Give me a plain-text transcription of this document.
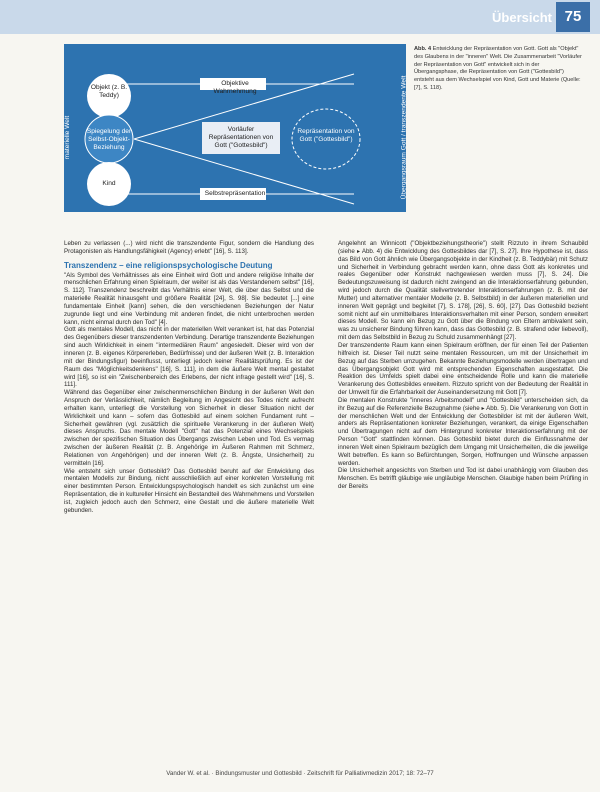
Übersicht 75
Objekt (z. B. Teddy)
Objektive Wahrnehmung
Spiegelung der Selbst-Objekt-Beziehung
Vorläufer Repräsentationen von Gott ("Gottesbild")
Repräsentation von Gott ("Gottesbild")
Kind
Selbstrepräsentation
materielle Welt	Übergangsraum Gott / transzendente Welt
Abb. 4 Entwicklung der Repräsentation von Gott. Gott als "Objekt" des Glaubens in der "inneren" Welt. Die Zusammenarbeit "Vorläufer der Repräsentation von Gott" entwickelt sich in der Übergangsphase, die Repräsentation von Gott ("Gottesbild") entsteht aus dem Wechselspiel von Kind, Gott und Materie (Quelle: [7], S. 118).

Leben zu verlassen (...) wird nicht die transzendente Figur, sondern die Handlung des Protagonisten als Handlungsfähigkeit (Agency) erlebt" [16], S. 113].

Transzendenz – eine religionspsychologische Deutung

"Als Symbol des Verhältnisses als eine Einheit wird Gott und andere religiöse Inhalte der menschlichen Erfahrung einen Spielraum, der weiter ist als das Verstandenem selbst" [16], S. 112]. Transzendenz beschreibt das Verhältnis einer Welt, die über das Selbst und die materielle Realität hinausgeht und größere Realität [24], S. 98]. Sie bedeutet [...] eine fundamentale Einheit [kann] sehen, die den verschiedenen Beziehungen der Natur zugrunde liegt und eine Verbindung mit anderen findet, die nicht unterbrochen werden kann, nicht einmal durch den Tod" [4].

Gott als mentales Modell, das nicht in der materiellen Welt verankert ist, hat das Potenzial des Gegenübers dieser transzendenten Verbindung. Derartige transzendente Beziehungen sind auch Wirklichkeit in einem "intermediären Raum" angesiedelt. Dieser wird von der inneren (z. B. eigenes Körpererleben, Bedürfnisse) und der äußeren Welt (z. B. Interaktion mit der Bindungsfigur) beeinflusst, unterliegt jedoch keiner Realitätsprüfung. Es ist der Raum des "Möglichkeitsdenkens" [16], S. 111], in dem die äußere Welt mental gestaltet wird [16], so ist ein "Zwischenbereich des Erlebens, der nicht infrage gestellt wird" [16], S. 111].

Während das Gegenüber einer zwischenmenschlichen Bindung in der äußeren Welt den Anspruch der Verlässlichkeit, nämlich Begleitung im Angesicht des Todes nicht aufrecht erhalten kann, unterliegt die Vorstellung von Sicherheit in dieser Situation nicht der Wirklichkeit und kann – sofern das Gottesbild auf einem solchen Fundament ruht – Sicherheit gewähren (vgl. zusätzlich die spirituelle Verankerung in der äußeren Welt) dieses Anspruchs. Das mentale Modell "Gott" hat das Potenzial eines Wechselspiels zwischen der spezifischen Situation des Übergangs zwischen Leben und Tod. Es vermag zwischen der äußeren Realität (z. B. Angehörige im Äußeren Rahmen mit Schmerz, Relationen von Angehörigen) und der inneren Welt (z. B. Ängste, Unsicherheit) zu vermitteln [16].

Wie entsteht sich unser Gottesbild? Das Gottesbild beruht auf der Entwicklung des mentalen Modells zur Bindung, nicht ausschließlich auf einer konkreten Vorstellung mit einer bestimmten Person. Entwicklungspsychologisch handelt es sich zunächst um eine Repräsentation, die in kultureller Hinsicht ein Bestandteil des Wahrnehmens und Vorstellen ist, zugleich jedoch auch den Schmerz, eine Gestalt und die äußere materielle Welt gebunden.

Angelehnt an Winnicott ("Objektbeziehungstheorie") stellt Rizzuto in ihrem Schaubild (siehe ▸ Abb. 4) die Entwicklung des Gottesbildes dar [7], S. 27]. Ihre Hypothese ist, dass das Bild von Gott ähnlich wie Übergangsobjekte in der Kindheit (z. B. Teddybär) mit Schutz und Sicherheit in Verbindung gebracht werden kann, ohne dass Gott als konkretes und reales Gegenüber oder Konstrukt nachgewiesen werden muss [7], S. 24]. Die Bedeutungszuweisung ist dadurch nicht zwingend an die Interaktionserfahrung gebunden, wird jedoch durch die Qualität stellvertretender Interaktionserfahrungen (z. B. mit der Mutter) und alternativer mentaler Modelle (z. B. Selbstbild) in der äußeren materiellen und inneren Welt geprägt und begleitet [7], S. 178], [26], S. 60], [27]. Das Gottesbild bezieht somit nicht auf ein unmittelbares Interaktionsverhalten mit einer Person, sondern erweitert dieses Modell. So kann ein Bezug zu Gott über die Bindung von Eltern ambivalent sein, was zu unsicherer Bindung führen kann, dass das Gottesbild (z. B. strafend oder liebevoll), mit dem das Selbstbild in Bezug zu Schuld zusammenhängt [27].

Der transzendente Raum kann einen Spielraum eröffnen, der für einen Teil der Patienten hilfreich ist. Dieser Teil nutzt seine mentalen Ressourcen, um mit der Unsicherheit im Bezug auf das Sterben umzugehen. Bekannte Beziehungsmodelle werden übertragen und das Übergangsobjekt Gott wird mit entsprechenden Eigenschaften ausgestattet. Die Reaktion des Umfelds spielt dabei eine entscheidende Rolle und kann die materielle Verankerung des Gottesbildes erweitern. Rizzuto spricht von der Bedeutung der Realität in der Umwelt für die Erfahrbarkeit der Auseinandersetzung mit Gott [7].

Die mentalen Konstrukte "inneres Arbeitsmodell" und "Gottesbild" unterscheiden sich, da ihr Bezug auf die Referenzielle Bezugnahme (siehe ▸ Abb. 5). Die Verankerung von Gott in der menschlichen Welt und der Entwicklung der Gottesbilder ist mit der äußeren Welt, anders als Repräsentationen konkreter Beziehungen, verankert, da einige Eigenschaften und Übertragungen nicht auf dem Hintergrund konkreter Interaktionserfahrung mit der Person "Gott" stattfinden können. Das Gottesbild bietet durch die Einflussnahme der inneren Welt einen Spielraum bezüglich dem Umgang mit Unsicherheiten, die die jeweilige Welt betreffen. Es kann so Befürchtungen, Sorgen, Hoffnungen und Wünsche anpassen werden.

Die Unsicherheit angesichts von Sterben und Tod ist dabei unabhängig vom Glauben des Menschen. Es betrifft gläubige wie ungläubige Menschen. Glaubige haben beim Prüfling in der Bereits

Vander W. et al. · Bindungsmuster und Gottesbild · Zeitschrift für Palliativmedizin 2017; 18: 72–77
